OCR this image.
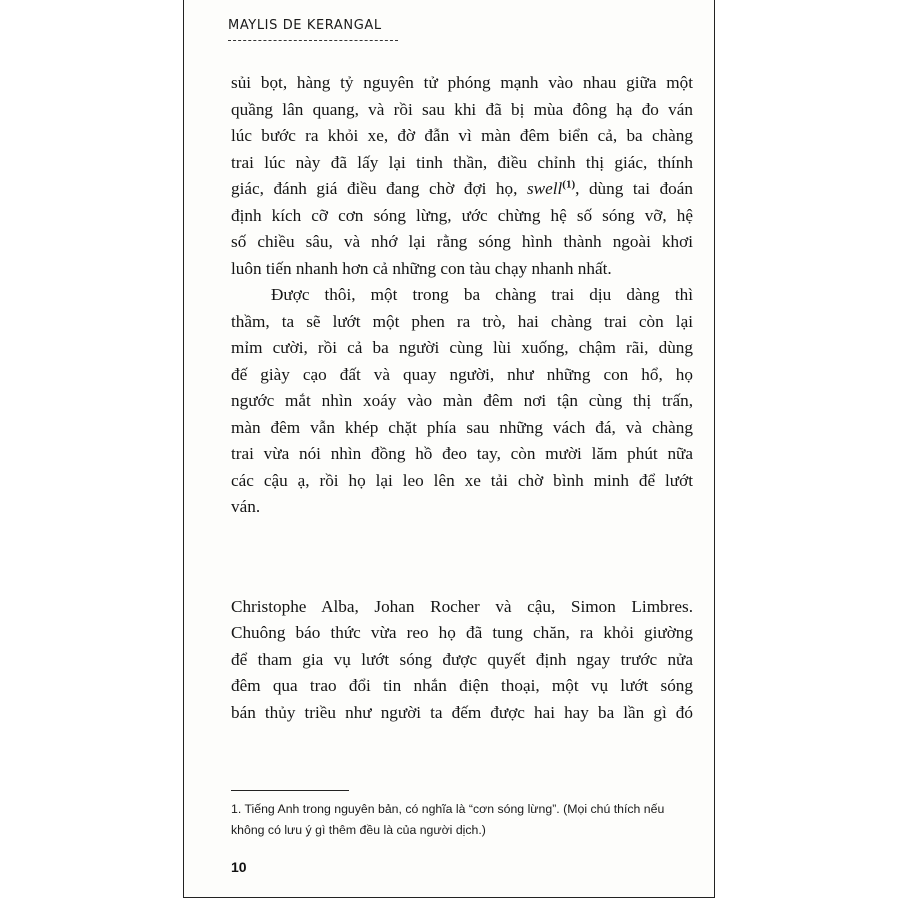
MAYLIS DE KERANGAL
sủi bọt, hàng tỷ nguyên tử phóng mạnh vào nhau giữa một
quầng lân quang, và rồi sau khi đã bị mùa đông hạ đo ván
lúc bước ra khỏi xe, đờ đẫn vì màn đêm biển cả, ba chàng
trai lúc này đã lấy lại tinh thần, điều chỉnh thị giác, thính
giác, đánh giá điều đang chờ đợi họ, swell$^{(1)}$, dùng tai đoán
định kích cỡ cơn sóng lừng, ước chừng hệ số sóng vỡ, hệ
số chiều sâu, và nhớ lại rằng sóng hình thành ngoài khơi
luôn tiến nhanh hơn cả những con tàu chạy nhanh nhất.
Được thôi, một trong ba chàng trai dịu dàng thì
thầm, ta sẽ lướt một phen ra trò, hai chàng trai còn lại
mỉm cười, rồi cả ba người cùng lùi xuống, chậm rãi, dùng
đế giày cạo đất và quay người, như những con hổ, họ
ngước mắt nhìn xoáy vào màn đêm nơi tận cùng thị trấn,
màn đêm vẫn khép chặt phía sau những vách đá, và chàng
trai vừa nói nhìn đồng hồ đeo tay, còn mười lăm phút nữa
các cậu ạ, rồi họ lại leo lên xe tải chờ bình minh để lướt
ván.
Christophe Alba, Johan Rocher và cậu, Simon Limbres.
Chuông báo thức vừa reo họ đã tung chăn, ra khỏi giường
để tham gia vụ lướt sóng được quyết định ngay trước nửa
đêm qua trao đổi tin nhắn điện thoại, một vụ lướt sóng
bán thủy triều như người ta đếm được hai hay ba lần gì đó
1. Tiếng Anh trong nguyên bản, có nghĩa là “cơn sóng lừng”. (Mọi chú thích nếu
không có lưu ý gì thêm đều là của người dịch.)
10
